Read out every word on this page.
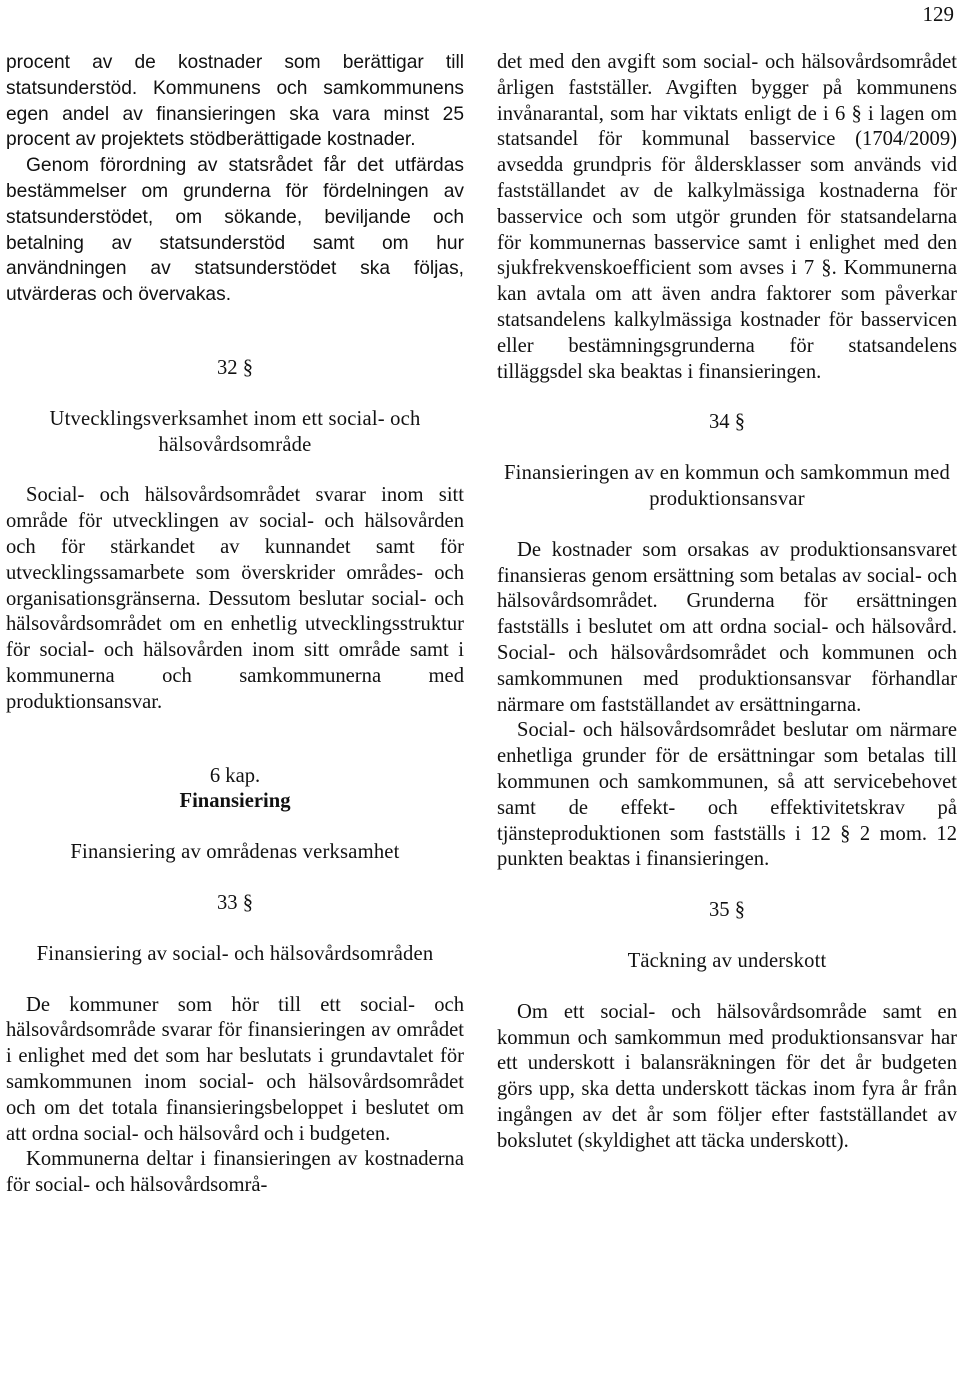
129

procent av de kostnader som berättigar till statsunderstöd. Kommunens och samkommunens egen andel av finansieringen ska vara minst 25 procent av projektets stödberättigade kostnader.

Genom förordning av statsrådet får det utfärdas bestämmelser om grunderna för fördelningen av statsunderstödet, om sökande, beviljande och betalning av statsunderstöd samt om hur användningen av statsunderstödet ska följas, utvärderas och övervakas.

32 §

Utvecklingsverksamhet inom ett social- och hälsovårdsområde

Social- och hälsovårdsområdet svarar inom sitt område för utvecklingen av social- och hälsovården och för stärkandet av kunnandet samt för utvecklingssamarbete som överskrider områdes- och organisationsgränserna. Dessutom beslutar social- och hälsovårdsområdet om en enhetlig utvecklingsstruktur för social- och hälsovården inom sitt område samt i kommunerna och samkommunerna med produktionsansvar.

6 kap.

Finansiering

Finansiering av områdenas verksamhet

33 §

Finansiering av social- och hälsovårdsområden

De kommuner som hör till ett social- och hälsovårdsområde svarar för finansieringen av området i enlighet med det som har beslutats i grundavtalet för samkommunen inom social- och hälsovårdsområdet och om det totala finansieringsbeloppet i beslutet om att ordna social- och hälsovård och i budgeten.

Kommunerna deltar i finansieringen av kostnaderna för social- och hälsovårdsområ-

det med den avgift som social- och hälsovårdsområdet årligen fastställer. Avgiften bygger på kommunens invånarantal, som har viktats enligt de i 6 § i lagen om statsandel för kommunal basservice (1704/2009) avsedda grundpris för åldersklasser som används vid fastställandet av de kalkylmässiga kostnaderna för basservice och som utgör grunden för statsandelarna för kommunernas basservice samt i enlighet med den sjukfrekvenskoefficient som avses i 7 §. Kommunerna kan avtala om att även andra faktorer som påverkar statsandelens kalkylmässiga kostnader för basservicen eller bestämningsgrunderna för statsandelens tilläggsdel ska beaktas i finansieringen.

34 §

Finansieringen av en kommun och samkommun med produktionsansvar

De kostnader som orsakas av produktionsansvaret finansieras genom ersättning som betalas av social- och hälsovårdsområdet. Grunderna för ersättningen fastställs i beslutet om att ordna social- och hälsovård. Social- och hälsovårdsområdet och kommunen och samkommunen med produktionsansvar förhandlar närmare om fastställandet av ersättningarna.

Social- och hälsovårdsområdet beslutar om närmare enhetliga grunder för de ersättningar som betalas till kommunen och samkommunen, så att servicebehovet samt de effekt- och effektivitetskrav på tjänsteproduktionen som fastställs i 12 § 2 mom. 12 punkten beaktas i finansieringen.

35 §

Täckning av underskott

Om ett social- och hälsovårdsområde samt en kommun och samkommun med produktionsansvar har ett underskott i balansräkningen för det år budgeten görs upp, ska detta underskott täckas inom fyra år från ingången av det år som följer efter fastställandet av bokslutet (skyldighet att täcka underskott).
